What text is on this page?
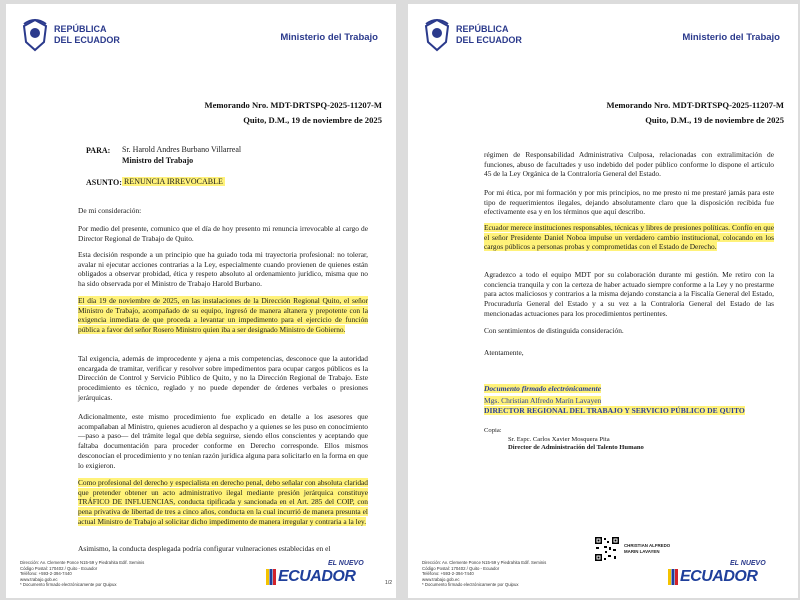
REPÚBLICA
DEL ECUADOR	Ministerio del Trabajo
Memorando Nro. MDT-DRTSPQ-2025-11207-M
Quito, D.M., 19 de noviembre de 2025
PARA: Sr. Harold Andres Burbano Villarreal
Ministro del Trabajo
ASUNTO: RENUNCIA IRREVOCABLE
De mi consideración:
Por medio del presente, comunico que el día de hoy presento mi renuncia irrevocable al cargo de Director Regional de Trabajo de Quito.
Esta decisión responde a un principio que ha guiado toda mi trayectoria profesional: no tolerar, avalar ni ejecutar acciones contrarias a la Ley, especialmente cuando provienen de quienes están obligados a observar probidad, ética y respeto absoluto al ordenamiento jurídico, misma que no ha sido observada por el Ministro de Trabajo Harold Burbano.
El día 19 de noviembre de 2025, en las instalaciones de la Dirección Regional Quito, el señor Ministro de Trabajo, acompañado de su equipo, ingresó de manera altanera y prepotente con la exigencia inmediata de que proceda a levantar un impedimento para el ejercicio de función pública a favor del señor Rosero Ministro quien iba a ser designado Ministro de Gobierno.
Tal exigencia, además de improcedente y ajena a mis competencias, desconoce que la autoridad encargada de tramitar, verificar y resolver sobre impedimentos para ocupar cargos públicos es la Dirección de Control y Servicio Público de Quito, y no la Dirección Regional de Trabajo. Este procedimiento es técnico, reglado y no puede depender de órdenes verbales o presiones jerárquicas.
Adicionalmente, este mismo procedimiento fue explicado en detalle a los asesores que acompañaban al Ministro, quienes acudieron al despacho y a quienes se les puso en conocimiento —paso a paso— del trámite legal que debía seguirse, siendo ellos conscientes y aceptando que faltaba documentación para proceder conforme en Derecho corresponde. Ellos mismos desconocían el procedimiento y no tenían razón jurídica alguna para solicitarlo en la forma en que lo exigieron.
Como profesional del derecho y especialista en derecho penal, debo señalar con absoluta claridad que pretender obtener un acto administrativo ilegal mediante presión jerárquica constituye TRÁFICO DE INFLUENCIAS, conducta tipificada y sancionada en el Art. 285 del COIP, con pena privativa de libertad de tres a cinco años, conducta en la cual incurrió de manera presunta el actual Ministro de Trabajo al solicitar dicho impedimento de manera irregular y contraria a la ley.
Asimismo, la conducta desplegada podría configurar vulneraciones establecidas en el
Dirección: Av. Clemente Ponce N15-59 y Piedrahita Edif. Seminis
Código Postal: 170402 / Quito - Ecuador
Teléfono: +593-2-394-7440
www.trabajo.gob.ec
* Documento firmado electrónicamente por Quipux	ECUADOR
EL NUEVO
1/2
REPÚBLICA
DEL ECUADOR	Ministerio del Trabajo
Memorando Nro. MDT-DRTSPQ-2025-11207-M
Quito, D.M., 19 de noviembre de 2025
régimen de Responsabilidad Administrativa Culposa, relacionadas con extralimitación de funciones, abuso de facultades y uso indebido del poder público conforme lo dispone el artículo 45 de la Ley Orgánica de la Contraloría General del Estado.
Por mi ética, por mi formación y por mis principios, no me presto ni me prestaré jamás para este tipo de requerimientos ilegales, dejando absolutamente claro que la disposición recibida fue efectivamente esa y en los términos que aquí describo.
Ecuador merece instituciones responsables, técnicas y libres de presiones políticas. Confío en que el señor Presidente Daniel Noboa impulse un verdadero cambio institucional, colocando en los cargos públicos a personas probas y comprometidas con el Estado de Derecho.
Agradezco a todo el equipo MDT por su colaboración durante mi gestión. Me retiro con la conciencia tranquila y con la certeza de haber actuado siempre conforme a la Ley y no prestarme para actos maliciosos y contrarios a la misma dejando constancia a la Fiscalía General del Estado, Procuraduría General del Estado y a su vez a la Contraloría General del Estado de las mencionadas actuaciones para los procedimientos pertinentes.
Con sentimientos de distinguida consideración.
Atentamente,
Documento firmado electrónicamente
Mgs. Christian Alfredo Marín Lavayen
DIRECTOR REGIONAL DEL TRABAJO Y SERVICIO PÚBLICO DE QUITO
Copia:
Sr. Espc. Carlos Xavier Mosquera Pita
Director de Administración del Talento Humano
CHRISTIAN ALFREDO
MARIN LAVAYEN
Dirección: Av. Clemente Ponce N15-59 y Piedrahita Edif. Seminis
Código Postal: 170402 / Quito - Ecuador
Teléfono: +593-2-394-7440
www.trabajo.gob.ec
* Documento firmado electrónicamente por Quipux	ECUADOR
EL NUEVO
